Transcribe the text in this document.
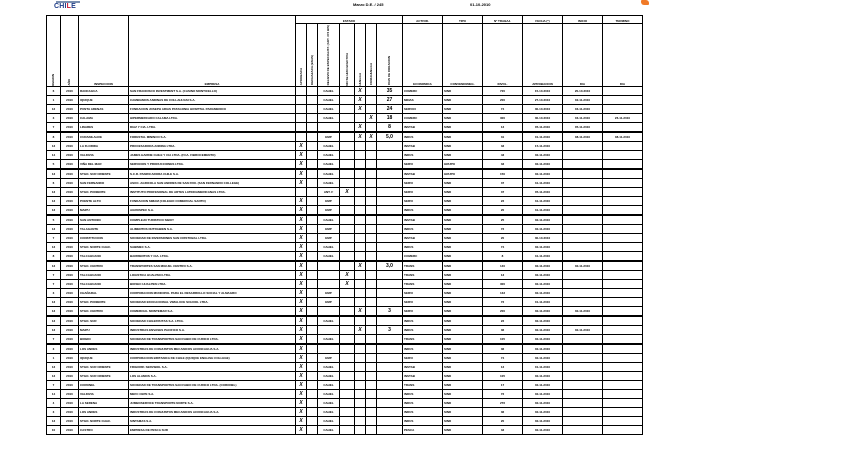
CHILE	Marzo D.E. / 245	01-10-2010
REGION	AÑO	INSPECCION	EMPRESA	ESTADO							ACTIVID.	TIPO	Nº TRABAJ.	FECHA (*)	INICIO	TERMINO
				APROBADA	RECHAZADA (ENAS)	RELIEVO DE ESPECIALIST. (ART. 374 BIS)	NO SE HIZO EFECTIVA	HUELGA	FIRMAHUELGA	DIAS DE DURACION	ECONOMICA	CONVENIO/NEG.	INVOL.	APROBACION	DIA	DIA
6	2010	RANCAGUA	SAN FRANCISCO INVESTMENT S.A. (CASINO MONTICELLO)			CAHEL		X		35	COMERC	SIND	720	15-10-2010	20-10-2010	
1	2010	IQUIQUE	CAMBIAMOS ANDINAS DE COLLAHUASI S.A.			CAHEL		X		27	MINAS	SIND	200	27-10-2010	02-11-2010	
12	2010	PUNTA ARENAS	FUNDACION JOSEPH ARIAS PATAGONIA HOSPITAL PARAMEDICO			CAHEL		X		24	SERVICI	SIND	74	30-10-2010	03-11-2010	
3	2010	CALAMA	HIPERMERCADO CALAMA LTDA.			CAHEL			X	18	COMERC	SIND	300	30-10-2010	03-11-2010	26-11-2010
7	2010	LINARES	DIAZ Y CIA. LTDA.					X		8	INSTAB	SIND	13	05-11-2010	05-11-2010	
8	2010	CURANILAHUE	FORESTAL MININCO S.A.			EMP		X	X	5,0	INDUS	SIND	31	01-11-2010	08-11-2010	08-11-2010
13	2010	LA FLORIDA	PROCESADORA ANDINA LTDA.	X		CAHEL					INSTAB	SIND	33	15-11-2010		
14	2010	VALDIVIA	JAMES HARDIE CHILE Y CIA LTDA. (FCA. FIBROCEMENTO)	X		CAHEL					INDUS	SIND	43	30-11-2010		
5	2010	VIÑA DEL MAR	SERVICIOS Y PRODUCCIONES LTDA.	X		CAHEL					SERVI	GRUPO	33	30-11-2010		
13	2010	STGO. SUR ORIENTE	S.C.R. PANIFICADORA CHILE S.A.	X		CAHEL					INSTAB	GRUPO	150	30-11-2010		
6	2010	SAN FERNANDO	ASOC. AGRICOLA SAN ANDRES DE SAN FDO. (SAN FERNANDO COLLEGE)	X		CAHEL					SERVI	SIND	37	31-11-2010		
13	2010	STGO. PONIENTE	INSTITUTO PROFESIONAL DE ARTES LATINOAMERICANAS LTDA.			ANT. F	X				SERVI	SIND	37	05-11-2010		
13	2010	PUENTE ALTO	FUNDACION SIMAM (COLEGIO COMERCIAL SANTO)	X		EMP					SERVI	SIND	22	31-11-2010		
13	2010	MAIPU	AGROSPEC S.A.	X		EMP					INDUS	SIND	20	31-11-2010		
5	2010	SAN ANTONIO	COMPLEJO TURISTICO SIBOY	X		CAHEL					INSTAB	SIND	25	30-11-2010		
13	2010	TALAGANTE	ALIMENTOS NUTRABIEN S.A.	X		EMP					INDUS	SIND	72	30-11-2010		
7	2010	CONSTITUCION	SOCIEDAD DE INVERSIONES SAN CRISTOBAL LTDA.	X		EMP					INSTAB	SIND	20	30-10-2010		
13	2010	STGO. NORTE CHAC.	SABIMEC S.A.	X		CAHEL					INDUS	SIND	74	30-11-2010		
8	2010	TALCAHUANO	BARRIENTOS Y CIA. LTDA.	X		CAHEL					COMERC	SIND	8	31-11-2010		
13	2010	STGO. CENTRO	TRANSPORTES SAN MIGUEL CENTRO S.A.	X				X		3,0	TRANS	SIND	140	30-11-2010	30-11-2010	
7	2010	TALCAHUANO	LOGISTICA HUALPEN LTDA.	X			X				TRANS	SIND	13	30-11-2010		
7	2010	TALCAHUANO	BIOSEC HUALPEN LTDA.	X			X				TRANS	SIND	300	30-11-2010		
3	2010	CHAÑARAL	CORPORACION MUNICIPAL PARA EL DESARROLLO SOCIAL Y ALMAGRO	X		EMP					SERVI	SIND	133	30-11-2010		
13	2010	STGO. PONIENTE	SOCIEDAD EDUCACIONAL VIMALUCE SCHOOL LTDA.	X		EMP					SERVI	SIND	72	01-11-2010		
13	2010	STGO. CENTRO	COMERCIAL MONTEMAR S.A.	X				X		3	SERVI	SIND	200	30-11-2010	30-11-2010	
13	2010	STGO. SUR	SOCIEDAD CHILEFRUTAS S.A. LTDA.	X		CAHEL					INDUS	SIND	22	30-11-2010		
13	2010	MAIPU	INDUSTRIAS ENVASES PACIFICO S.A.	X				X		3	INDUS	SIND	36	30-11-2010	30-11-2010	
7	2010	BIOBIO	SOCIEDAD DE TRANSPORTES SAN FABIO DE CURICO LTDA.	X		CAHEL					TRANS	SIND	105	30-11-2010		
3	2010	LOS ANDES	INDUSTRIAS DE CONJUNTOS MECANICOS ACONCAGUA S.A.	X							INDUS	SIND	36	30-11-2010		
1	2010	IQUIQUE	CORPORACION BRITANICA DE CHILE (IQUIQUE ENGLISH COLLEGE)	X		EMP					SERVI	SIND	74	30-11-2010		
13	2010	STGO. SUR ORIENTE	FRIGORIF. SERVIBOL S.A.	X		CAHEL					INSTAB	SIND	13	01-11-2010		
13	2010	STGO. SUR ORIENTE	LOS ALAMOS S.A.	X		CAHEL					INSTAB	SIND	105	30-11-2010		
7	2010	CORONEL	SOCIEDAD DE TRANSPORTES SAN FABIO DE CURICO LTDA. (CORONEL)	X		CAHEL					TRANS	SIND	17	30-11-2010		
14	2010	VALDIVIA	MEFC CEPE S.A.	X		CAHEL					INDUS	SIND	72	30-11-2010		
4	2010	LA SERENA	JUMBOSERVICE TRANSPORTE NORTE S.A.	X		CAHEL					INDUS	SIND	276	30-11-2010		
3	2010	LOS ANDES	INDUSTRIAS DE CONJUNTOS MECANICOS ACONCAGUA S.A.	X		CAHEL					INDUS	SIND	36	30-11-2010		
13	2010	STGO. NORTE CHAC.	SINTAMAS S.A.	X		CAHEL					INDUS	SIND	20	30-11-2010		
10	2010	CASTRO	EMPRESA DE PESCA SUR	X		CAHEL					PESCA	SIND	33	30-11-2010		
